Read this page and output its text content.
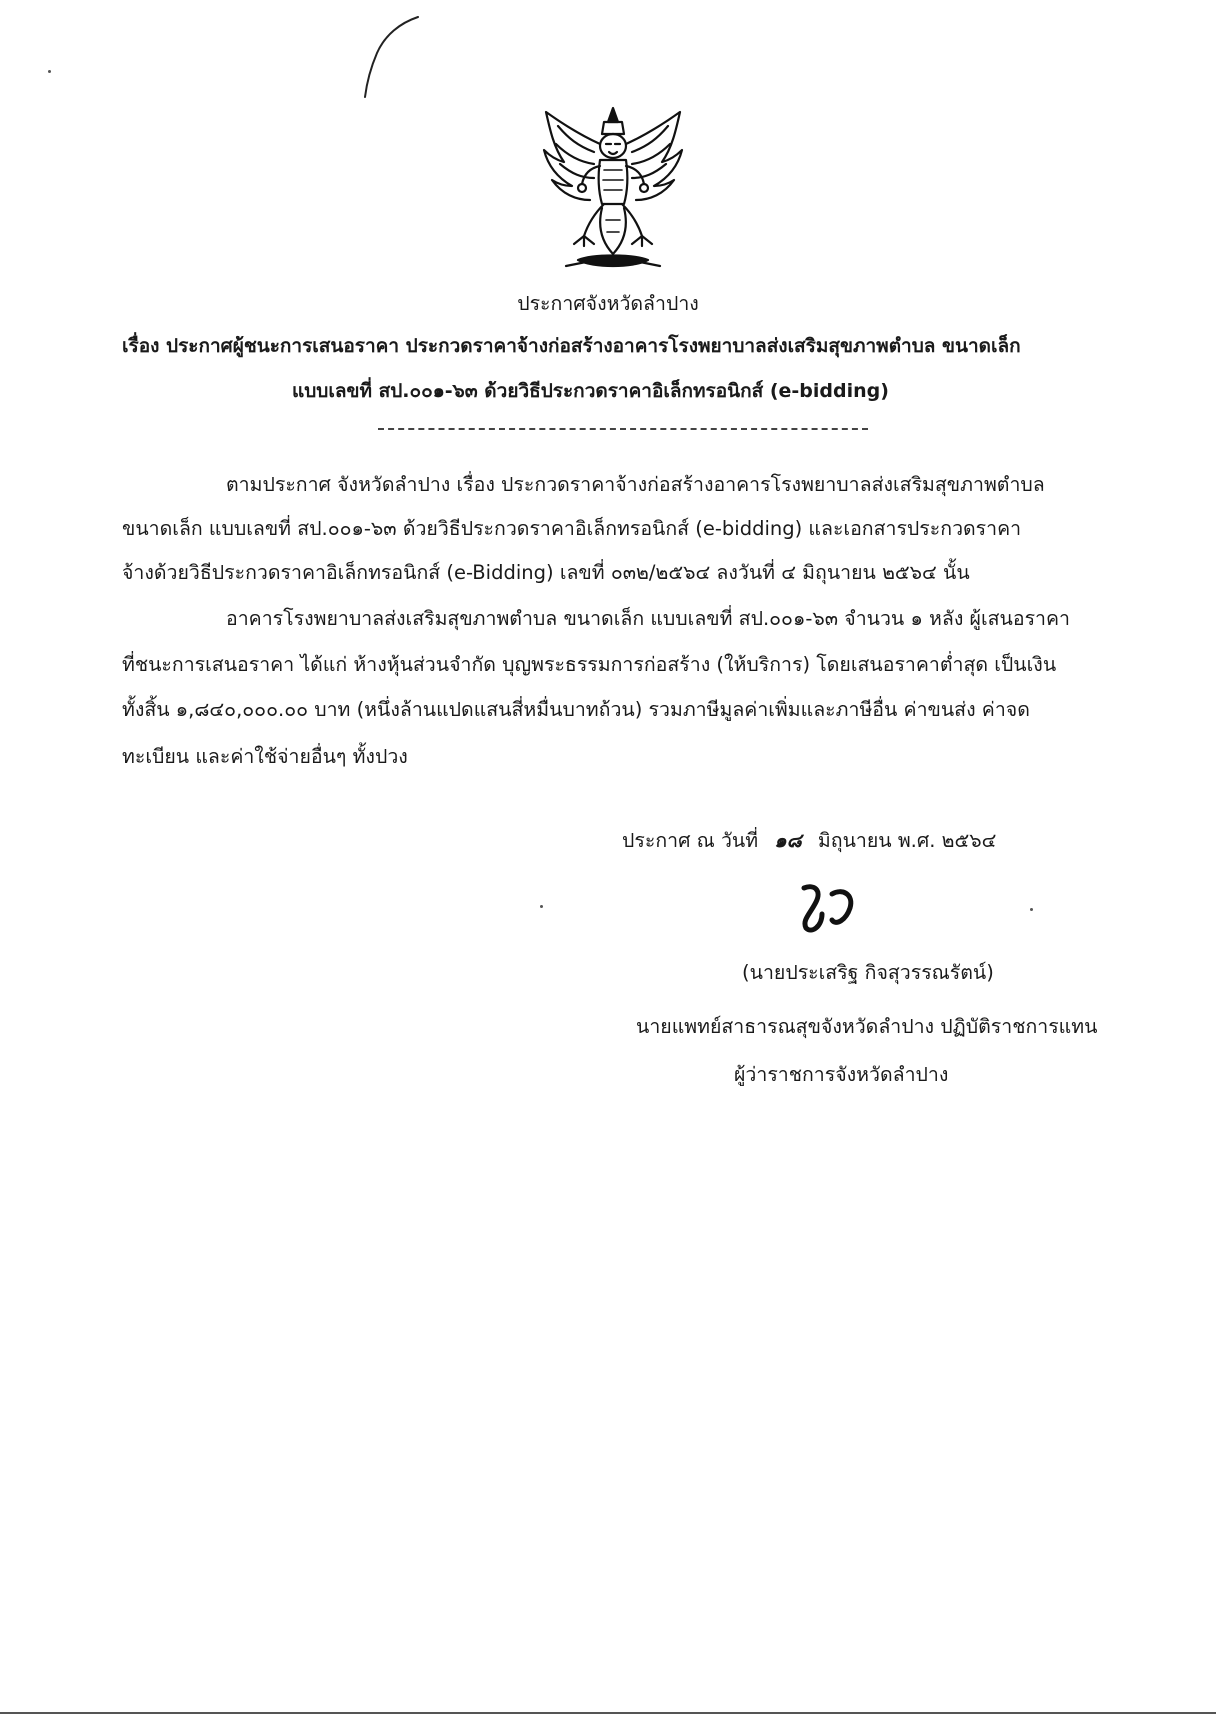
ประกาศจังหวัดลำปาง
เรื่อง ประกาศผู้ชนะการเสนอราคา ประกวดราคาจ้างก่อสร้างอาคารโรงพยาบาลส่งเสริมสุขภาพตำบล ขนาดเล็ก
แบบเลขที่ สป.๐๐๑-๖๓ ด้วยวิธีประกวดราคาอิเล็กทรอนิกส์ (e-bidding)
ตามประกาศ จังหวัดลำปาง เรื่อง ประกวดราคาจ้างก่อสร้างอาคารโรงพยาบาลส่งเสริมสุขภาพตำบล
ขนาดเล็ก แบบเลขที่ สป.๐๐๑-๖๓ ด้วยวิธีประกวดราคาอิเล็กทรอนิกส์ (e-bidding) และเอกสารประกวดราคา
จ้างด้วยวิธีประกวดราคาอิเล็กทรอนิกส์ (e-Bidding) เลขที่ ๐๓๒/๒๕๖๔ ลงวันที่ ๔ มิถุนายน ๒๕๖๔ นั้น
อาคารโรงพยาบาลส่งเสริมสุขภาพตำบล ขนาดเล็ก แบบเลขที่ สป.๐๐๑-๖๓ จำนวน ๑ หลัง ผู้เสนอราคา
ที่ชนะการเสนอราคา ได้แก่ ห้างหุ้นส่วนจำกัด บุญพระธรรมการก่อสร้าง (ให้บริการ) โดยเสนอราคาต่ำสุด เป็นเงิน
ทั้งสิ้น ๑,๘๔๐,๐๐๐.๐๐ บาท (หนึ่งล้านแปดแสนสี่หมื่นบาทถ้วน) รวมภาษีมูลค่าเพิ่มและภาษีอื่น ค่าขนส่ง ค่าจด
ทะเบียน และค่าใช้จ่ายอื่นๆ ทั้งปวง
ประกาศ ณ วันที่ ๑๘ มิถุนายน พ.ศ. ๒๕๖๔
(นายประเสริฐ กิจสุวรรณรัตน์)
นายแพทย์สาธารณสุขจังหวัดลำปาง ปฏิบัติราชการแทน
ผู้ว่าราชการจังหวัดลำปาง
